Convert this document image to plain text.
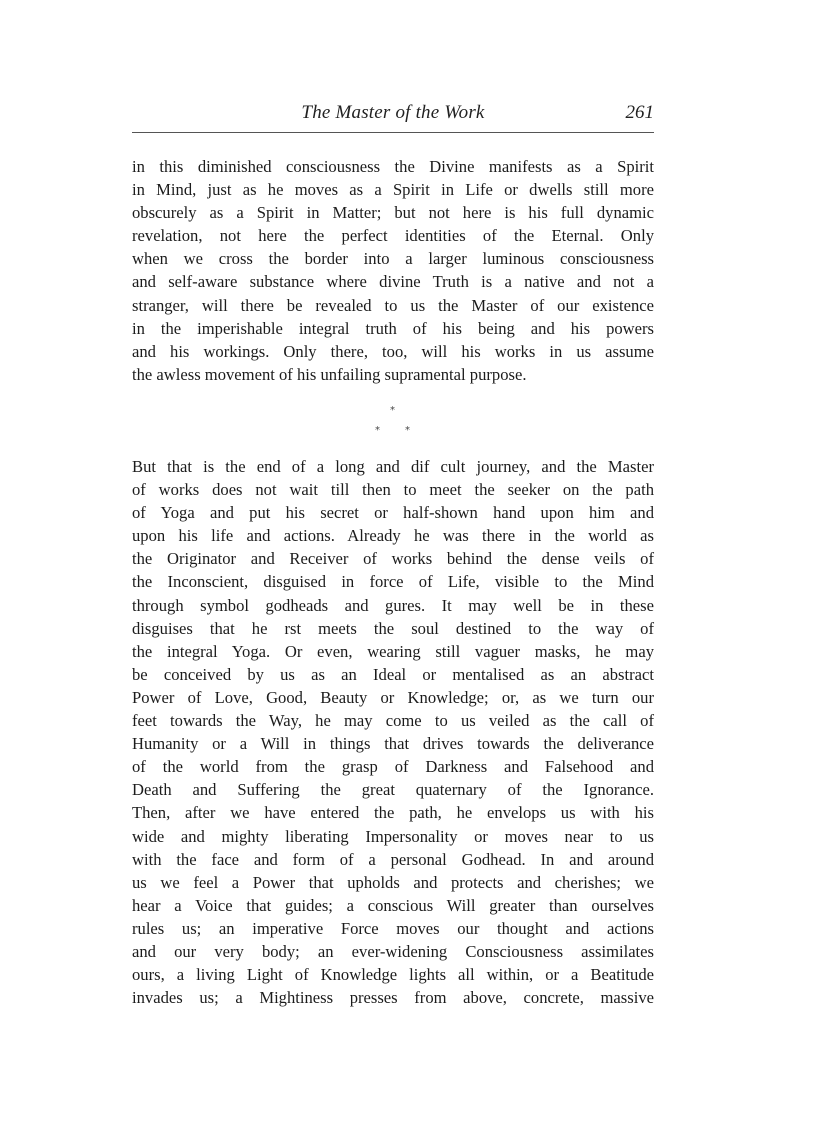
The Master of the Work	261
in this diminished consciousness the Divine manifests as a Spirit
in Mind, just as he moves as a Spirit in Life or dwells still more
obscurely as a Spirit in Matter; but not here is his full dynamic
revelation, not here the perfect identities of the Eternal. Only
when we cross the border into a larger luminous consciousness
and self-aware substance where divine Truth is a native and not a
stranger, will there be revealed to us the Master of our existence
in the imperishable integral truth of his being and his powers
and his workings. Only there, too, will his works in us assume
the awless movement of his unfailing supramental purpose.
*
*	*
But that is the end of a long and dif cult journey, and the Master
of works does not wait till then to meet the seeker on the path
of Yoga and put his secret or half-shown hand upon him and
upon his life and actions. Already he was there in the world as
the Originator and Receiver of works behind the dense veils of
the Inconscient, disguised in force of Life, visible to the Mind
through symbol godheads and gures. It may well be in these
disguises that he rst meets the soul destined to the way of
the integral Yoga. Or even, wearing still vaguer masks, he may
be conceived by us as an Ideal or mentalised as an abstract
Power of Love, Good, Beauty or Knowledge; or, as we turn our
feet towards the Way, he may come to us veiled as the call of
Humanity or a Will in things that drives towards the deliverance
of the world from the grasp of Darkness and Falsehood and
Death and Suffering the great quaternary of the Ignorance.
Then, after we have entered the path, he envelops us with his
wide and mighty liberating Impersonality or moves near to us
with the face and form of a personal Godhead. In and around
us we feel a Power that upholds and protects and cherishes; we
hear a Voice that guides; a conscious Will greater than ourselves
rules us; an imperative Force moves our thought and actions
and our very body; an ever-widening Consciousness assimilates
ours, a living Light of Knowledge lights all within, or a Beatitude
invades us; a Mightiness presses from above, concrete, massive
